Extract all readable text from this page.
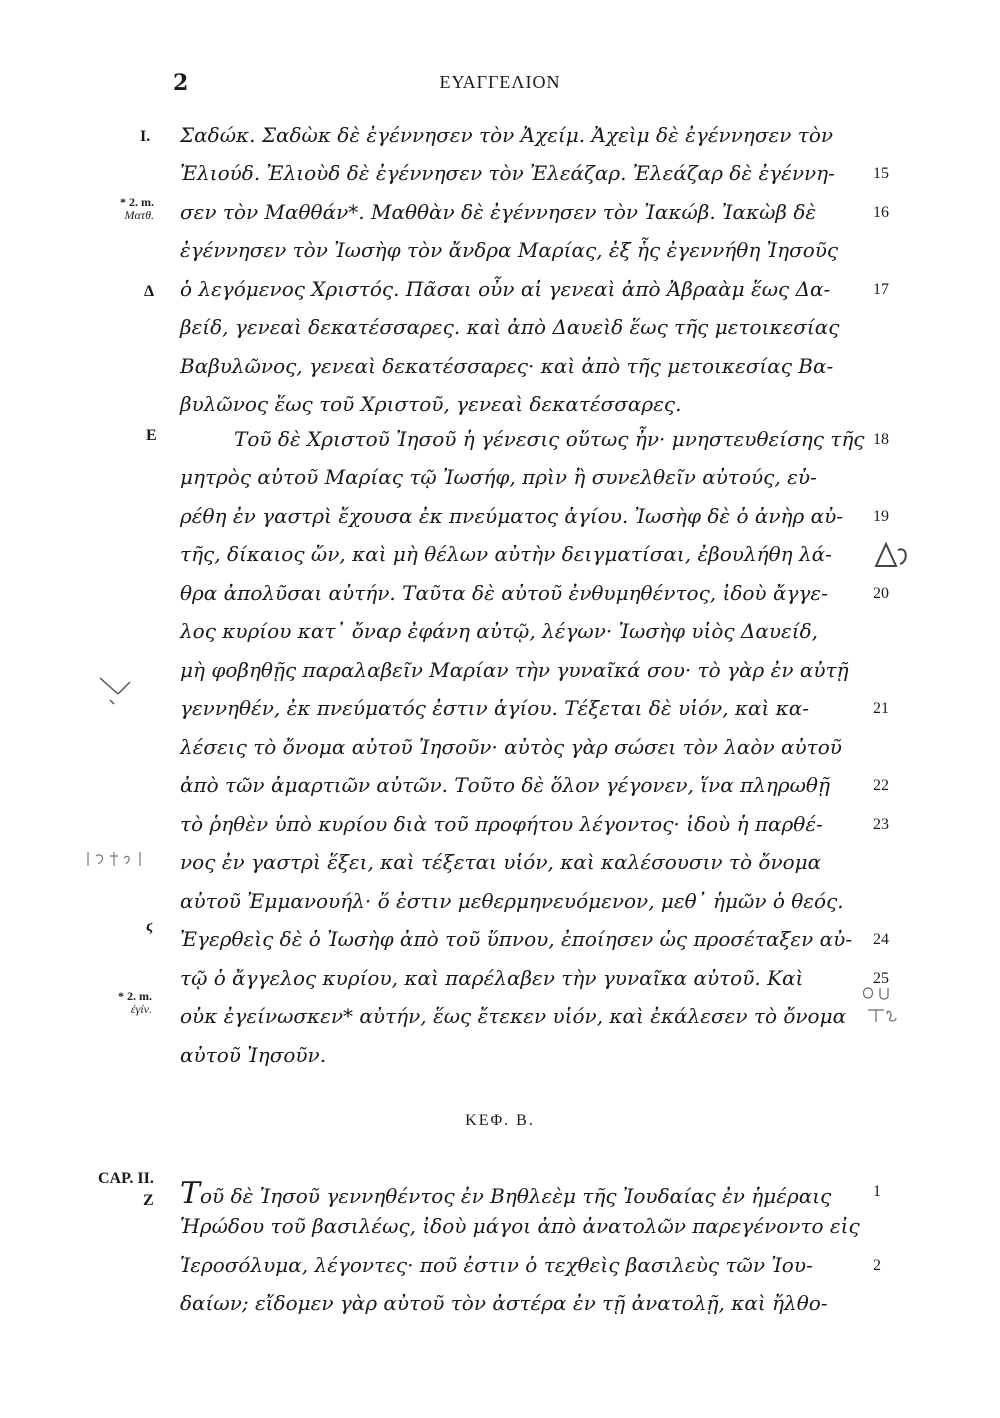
2	ΕΥΑΓΓΕΛΙΟΝ
I.
Δ
E
ϛ
* 2. m.
Ματθ.
* 2. m.
ἐγίν.
Σαδώκ. Σαδὼκ δὲ ἐγέννησεν τὸν Ἀχείμ. Ἀχεὶμ δὲ ἐγέννησεν τὸν
Ἐλιούδ. Ἐλιοὺδ δὲ ἐγέννησεν τὸν Ἐλεάζαρ. Ἐλεάζαρ δὲ ἐγέννη-
σεν τὸν Μαθθάν*. Μαθθὰν δὲ ἐγέννησεν τὸν Ἰακώβ. Ἰακὼβ δὲ
ἐγέννησεν τὸν Ἰωσὴφ τὸν ἄνδρα Μαρίας, ἐξ ἧς ἐγεννήθη Ἰησοῦς
ὁ λεγόμενος Χριστός. Πᾶσαι οὖν αἱ γενεαὶ ἀπὸ Ἀβραὰμ ἕως Δα-
βείδ, γενεαὶ δεκατέσσαρες. καὶ ἀπὸ Δαυεὶδ ἕως τῆς μετοικεσίας
Βαβυλῶνος, γενεαὶ δεκατέσσαρες· καὶ ἀπὸ τῆς μετοικεσίας Βα-
βυλῶνος ἕως τοῦ Χριστοῦ, γενεαὶ δεκατέσσαρες.
Τοῦ δὲ Χριστοῦ Ἰησοῦ ἡ γένεσις οὕτως ἦν· μνηστευθείσης τῆς
μητρὸς αὐτοῦ Μαρίας τῷ Ἰωσήφ, πρὶν ἢ συνελθεῖν αὐτούς, εὑ-
ρέθη ἐν γαστρὶ ἔχουσα ἐκ πνεύματος ἁγίου. Ἰωσὴφ δὲ ὁ ἀνὴρ αὐ-
τῆς, δίκαιος ὤν, καὶ μὴ θέλων αὐτὴν δειγματίσαι, ἐβουλήθη λά-
θρα ἀπολῦσαι αὐτήν. Ταῦτα δὲ αὐτοῦ ἐνθυμηθέντος, ἰδοὺ ἄγγε-
λος κυρίου κατ᾽ ὄναρ ἐφάνη αὐτῷ, λέγων· Ἰωσὴφ υἱὸς Δαυείδ,
μὴ φοβηθῇς παραλαβεῖν Μαρίαν τὴν γυναῖκά σου· τὸ γὰρ ἐν αὐτῇ
γεννηθέν, ἐκ πνεύματός ἐστιν ἁγίου. Τέξεται δὲ υἱόν, καὶ κα-
λέσεις τὸ ὄνομα αὐτοῦ Ἰησοῦν· αὐτὸς γὰρ σώσει τὸν λαὸν αὐτοῦ
ἀπὸ τῶν ἁμαρτιῶν αὐτῶν. Τοῦτο δὲ ὅλον γέγονεν, ἵνα πληρωθῇ
τὸ ῥηθὲν ὑπὸ κυρίου διὰ τοῦ προφήτου λέγοντος· ἰδοὺ ἡ παρθέ-
νος ἐν γαστρὶ ἕξει, καὶ τέξεται υἱόν, καὶ καλέσουσιν τὸ ὄνομα
αὐτοῦ Ἐμμανουήλ· ὅ ἐστιν μεθερμηνευόμενον, μεθ᾽ ἡμῶν ὁ θεός.
Ἐγερθεὶς δὲ ὁ Ἰωσὴφ ἀπὸ τοῦ ὕπνου, ἐποίησεν ὡς προσέταξεν αὐ-
τῷ ὁ ἄγγελος κυρίου, καὶ παρέλαβεν τὴν γυναῖκα αὐτοῦ. Καὶ
οὐκ ἐγείνωσκεν* αὐτήν, ἕως ἔτεκεν υἱόν, καὶ ἐκάλεσεν τὸ ὄνομα
αὐτοῦ Ἰησοῦν.
15
16
17
18
19
20
21
22
23
24
25
ΚΕΦ. Β.
CAP. II.
Z Τοῦ δὲ Ἰησοῦ γεννηθέντος ἐν Βηθλεὲμ τῆς Ἰουδαίας ἐν ἡμέραις
Ἡρώδου τοῦ βασιλέως, ἰδοὺ μάγοι ἀπὸ ἀνατολῶν παρεγένοντο εἰς
Ἱεροσόλυμα, λέγοντες· ποῦ ἐστιν ὁ τεχθεὶς βασιλεὺς τῶν Ἰου-
δαίων; εἴδομεν γὰρ αὐτοῦ τὸν ἀστέρα ἐν τῇ ἀνατολῇ, καὶ ἤλθο-
1
2
